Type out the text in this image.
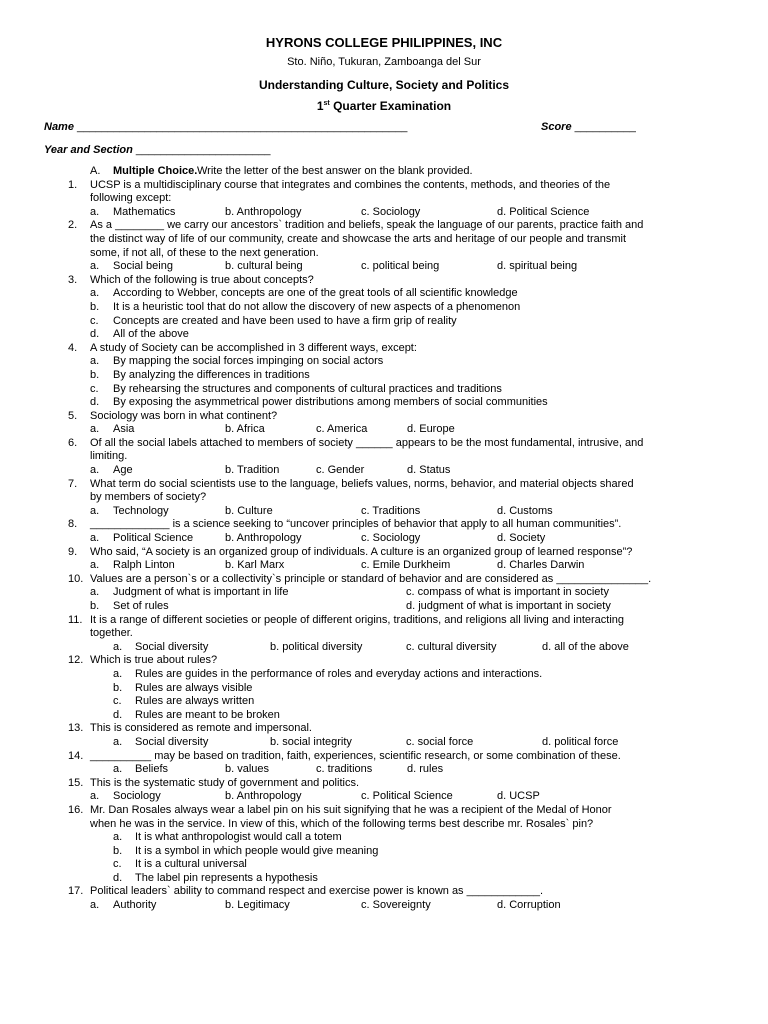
HYRONS COLLEGE PHILIPPINES, INC
Sto. Niño, Tukuran, Zamboanga del Sur
Understanding Culture, Society and Politics
1st Quarter Examination
Name ______________________________________________________	Score __________
Year and Section ______________________
A. Multiple Choice. Write the letter of the best answer on the blank provided.
1. UCSP is a multidisciplinary course that integrates and combines the contents, methods, and theories of the
following except:
a. Mathematics	b. Anthropology	c. Sociology	d. Political Science
2. As a ________ we carry our ancestors` tradition and beliefs, speak the language of our parents, practice faith and
the distinct way of life of our community, create and showcase the arts and heritage of our people and transmit
some, if not all, of these to the next generation.
a. Social being	b. cultural being	c. political being	d. spiritual being
3. Which of the following is true about concepts?
a. According to Webber, concepts are one of the great tools of all scientific knowledge
b. It is a heuristic tool that do not allow the discovery of new aspects of a phenomenon
c. Concepts are created and have been used to have a firm grip of reality
d. All of the above
4. A study of Society can be accomplished in 3 different ways, except:
a. By mapping the social forces impinging on social actors
b. By analyzing the differences in traditions
c. By rehearsing the structures and components of cultural practices and traditions
d. By exposing the asymmetrical power distributions among members of social communities
5. Sociology was born in what continent?
a. Asia	b. Africa	c. America	d. Europe
6. Of all the social labels attached to members of society ______ appears to be the most fundamental, intrusive, and
limiting.
a. Age	b. Tradition	c. Gender	d. Status
7. What term do social scientists use to the language, beliefs values, norms, behavior, and material objects shared
by members of society?
a. Technology	b. Culture	c. Traditions	d. Customs
8. _____________ is a science seeking to “uncover principles of behavior that apply to all human communities”.
a. Political Science	b. Anthropology	c. Sociology	d. Society
9. Who said, “A society is an organized group of individuals. A culture is an organized group of learned response”?
a. Ralph Linton	b. Karl Marx	c. Emile Durkheim	d. Charles Darwin
10. Values are a person`s or a collectivity`s principle or standard of behavior and are considered as _______________.
a. Judgment of what is important in life	c. compass of what is important in society
b. Set of rules	d. judgment of what is important in society
11. It is a range of different societies or people of different origins, traditions, and religions all living and interacting
together.
a. Social diversity	b. political diversity	c. cultural diversity	d. all of the above
12. Which is true about rules?
a. Rules are guides in the performance of roles and everyday actions and interactions.
b. Rules are always visible
c. Rules are always written
d. Rules are meant to be broken
13. This is considered as remote and impersonal.
a. Social diversity	b. social integrity	c. social force	d. political force
14. __________ may be based on tradition, faith, experiences, scientific research, or some combination of these.
a. Beliefs	b. values	c. traditions	d. rules
15. This is the systematic study of government and politics.
a. Sociology	b. Anthropology	c. Political Science	d. UCSP
16. Mr. Dan Rosales always wear a label pin on his suit signifying that he was a recipient of the Medal of Honor
when he was in the service. In view of this, which of the following terms best describe mr. Rosales` pin?
a. It is what anthropologist would call a totem
b. It is a symbol in which people would give meaning
c. It is a cultural universal
d. The label pin represents a hypothesis
17. Political leaders` ability to command respect and exercise power is known as ____________.
a. Authority	b. Legitimacy	c. Sovereignty	d. Corruption
